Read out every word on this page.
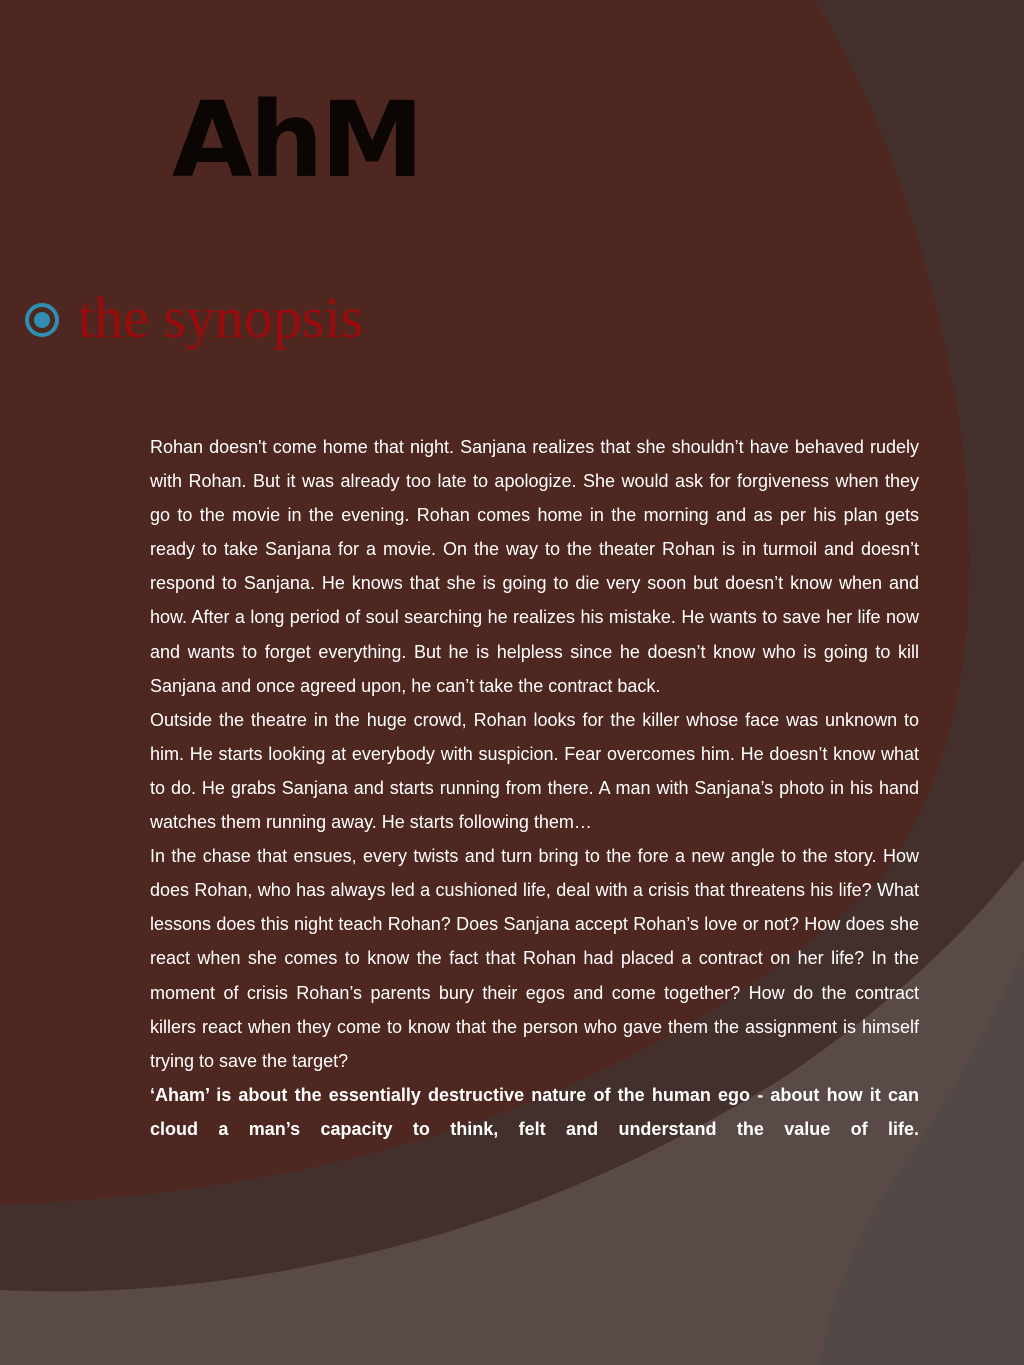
AhM
the synopsis

Rohan doesn't come home that night. Sanjana realizes that she shouldn’t have behaved rudely with Rohan. But it was already too late to apologize. She would ask for forgiveness when they go to the movie in the evening. Rohan comes home in the morning and as per his plan gets ready to take Sanjana for a movie. On the way to the theater Rohan is in turmoil and doesn’t respond to Sanjana. He knows that she is going to die very soon but doesn’t know when and how. After a long period of soul searching he realizes his mistake. He wants to save her life now and wants to forget everything. But he is helpless since he doesn’t know who is going to kill Sanjana and once agreed upon, he can’t take the contract back.

Outside the theatre in the huge crowd, Rohan looks for the killer whose face was unknown to him. He starts looking at everybody with suspicion. Fear overcomes him. He doesn’t know what to do. He grabs Sanjana and starts running from there. A man with Sanjana’s photo in his hand watches them running away. He starts following them…

In the chase that ensues, every twists and turn bring to the fore a new angle to the story. How does Rohan, who has always led a cushioned life, deal with a crisis that threatens his life? What lessons does this night teach Rohan? Does Sanjana accept Rohan’s love or not? How does she react when she comes to know the fact that Rohan had placed a contract on her life? In the moment of crisis Rohan’s parents bury their egos and come together? How do the contract killers react when they come to know that the person who gave them the assignment is himself trying to save the target?

‘Aham’ is about the essentially destructive nature of the human ego - about how it can cloud a man’s capacity to think, felt and understand the value of life.
